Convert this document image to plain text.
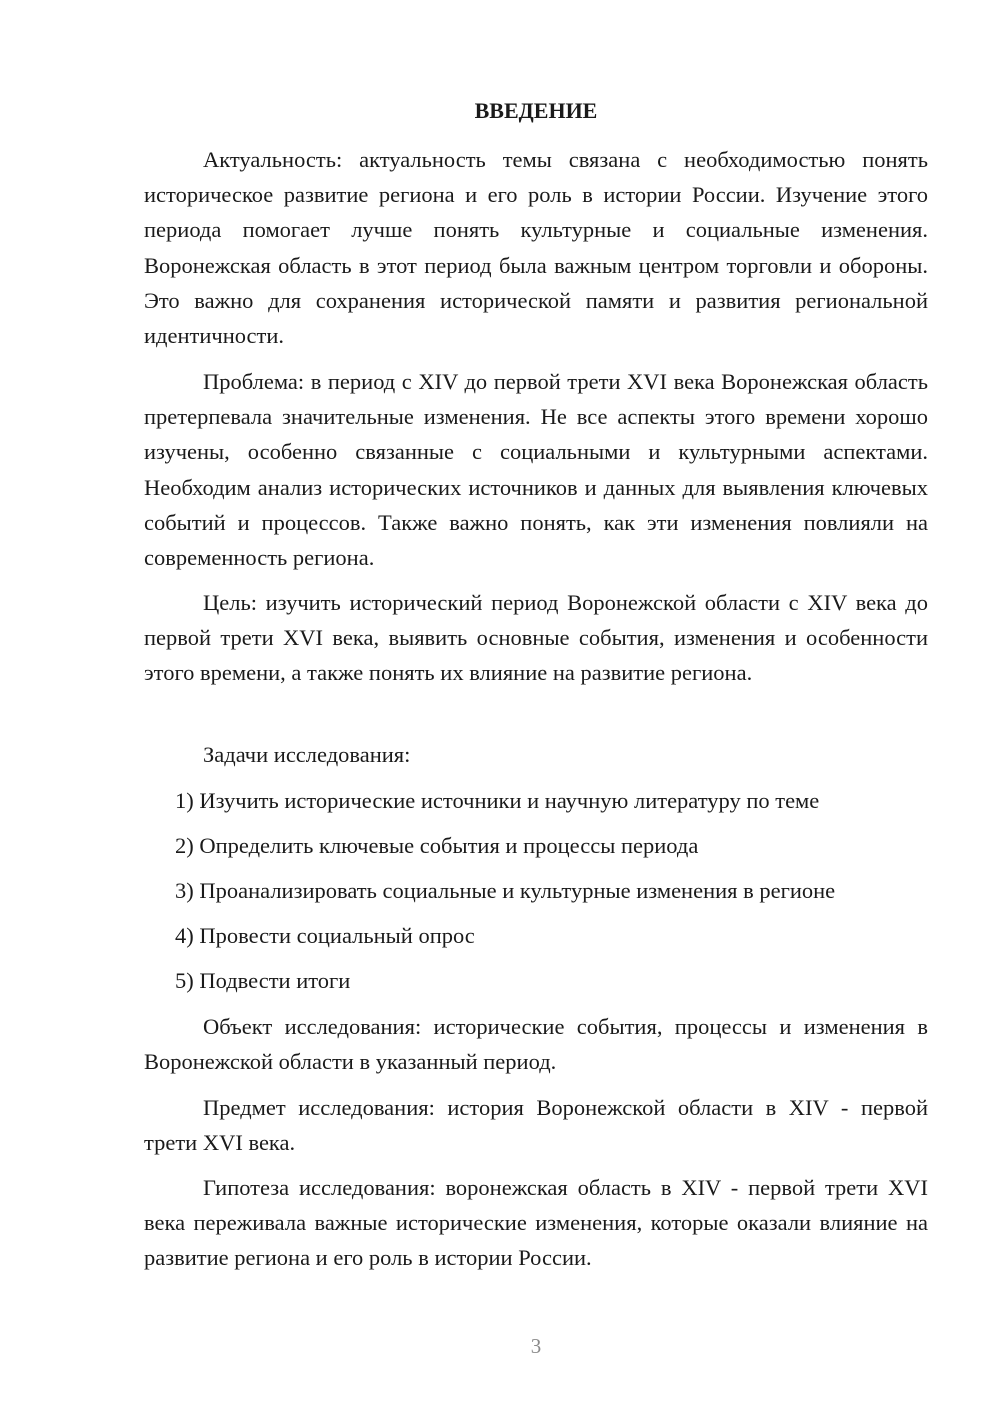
ВВЕДЕНИЕ

Актуальность: актуальность темы связана с необходимостью понять историческое развитие региона и его роль в истории России. Изучение этого периода помогает лучше понять культурные и социальные изменения. Воронежская область в этот период была важным центром торговли и обороны. Это важно для сохранения исторической памяти и развития региональной идентичности.

Проблема: в период с XIV до первой трети XVI века Воронежская область претерпевала значительные изменения. Не все аспекты этого времени хорошо изучены, особенно связанные с социальными и культурными аспектами. Необходим анализ исторических источников и данных для выявления ключевых событий и процессов. Также важно понять, как эти изменения повлияли на современность региона.

Цель: изучить исторический период Воронежской области с XIV века до первой трети XVI века, выявить основные события, изменения и особенности этого времени, а также понять их влияние на развитие региона.

Задачи исследования:

1) Изучить исторические источники и научную литературу по теме

2) Определить ключевые события и процессы периода

3) Проанализировать социальные и культурные изменения в регионе

4) Провести социальный опрос

5) Подвести итоги

Объект исследования: исторические события, процессы и изменения в Воронежской области в указанный период.

Предмет исследования: история Воронежской области в XIV - первой трети XVI века.

Гипотеза исследования: воронежская область в XIV - первой трети XVI века переживала важные исторические изменения, которые оказали влияние на развитие региона и его роль в истории России.

3
